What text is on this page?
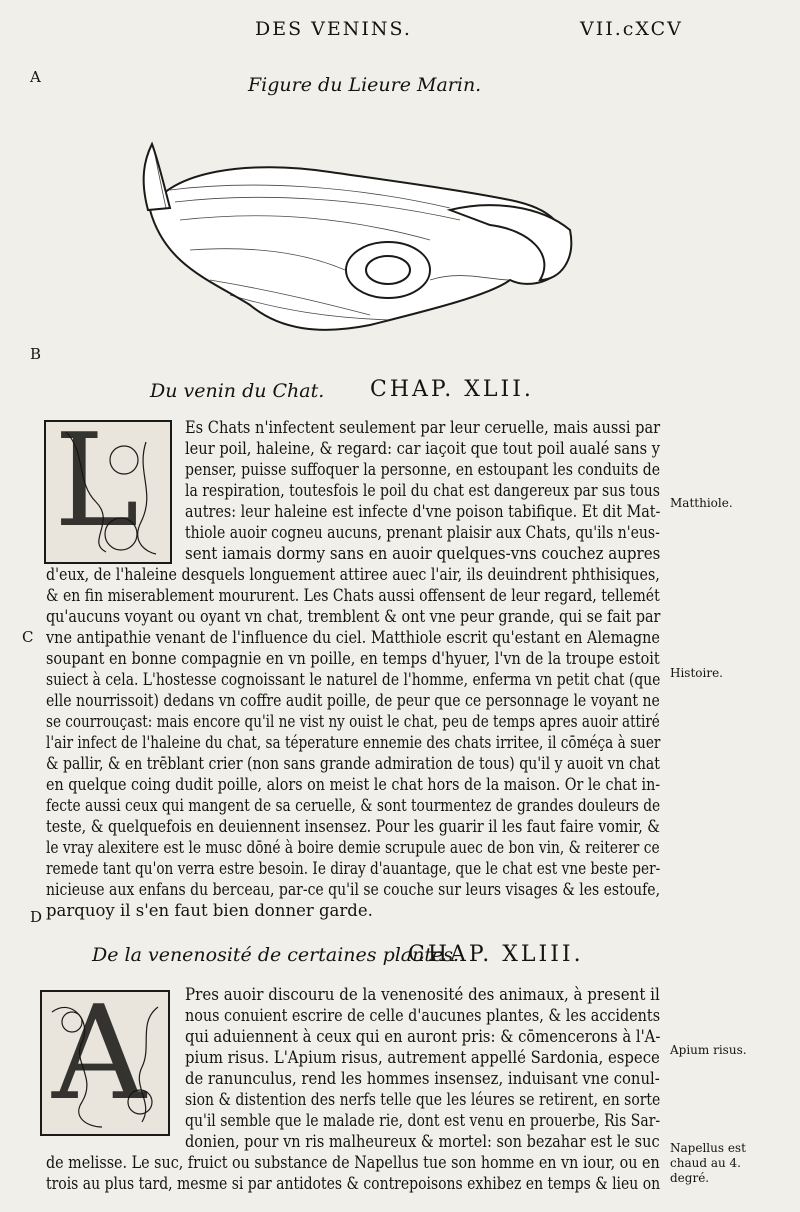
DES VENINS.	VII.cXCV
A
B
C
D
Figure du Lieure Marin.
Du venin du Chat. CHAP. XLII.
L	Es Chats n'infectent seulement par leur ceruelle, mais aussi par
leur poil, haleine, & regard: car iaçoit que tout poil aualé sans y
penser, puisse suffoquer la personne, en estoupant les conduits de
la respiration, toutesfois le poil du chat est dangereux par sus tous
autres: leur haleine est infecte d'vne poison tabifique. Et dit Mat-
thiole auoir cogneu aucuns, prenant plaisir aux Chats, qu'ils n'eus-
sent iamais dormy sans en auoir quelques-vns couchez aupres
d'eux, de l'haleine desquels longuement attiree auec l'air, ils deuindrent phthisiques,
& en fin miserablement moururent. Les Chats aussi offensent de leur regard, tellemét
qu'aucuns voyant ou oyant vn chat, tremblent & ont vne peur grande, qui se fait par
vne antipathie venant de l'influence du ciel. Matthiole escrit qu'estant en Alemagne
soupant en bonne compagnie en vn poille, en temps d'hyuer, l'vn de la troupe estoit
suiect à cela. L'hostesse cognoissant le naturel de l'homme, enferma vn petit chat (que
elle nourrissoit) dedans vn coffre audit poille, de peur que ce personnage le voyant ne
se courrouçast: mais encore qu'il ne vist ny ouist le chat, peu de temps apres auoir attiré
l'air infect de l'haleine du chat, sa téperature ennemie des chats irritee, il cōméça à suer
& pallir, & en trēblant crier (non sans grande admiration de tous) qu'il y auoit vn chat
en quelque coing dudit poille, alors on meist le chat hors de la maison. Or le chat in-
fecte aussi ceux qui mangent de sa ceruelle, & sont tourmentez de grandes douleurs de
teste, & quelquefois en deuiennent insensez. Pour les guarir il les faut faire vomir, &
le vray alexitere est le musc dōné à boire demie scrupule auec de bon vin, & reiterer ce
remede tant qu'on verra estre besoin. Ie diray d'auantage, que le chat est vne beste per-
nicieuse aux enfans du berceau, par-ce qu'il se couche sur leurs visages & les estoufe,
parquoy il s'en faut bien donner garde.
De la venenosité de certaines plantes.
CHAP. XLIII.
A Pres auoir discouru de la venenosité des animaux, à present il
nous conuient escrire de celle d'aucunes plantes, & les accidents
qui aduiennent à ceux qui en auront pris: & cōmencerons à l'A-
pium risus. L'Apium risus, autrement appellé Sardonia, espece
de ranunculus, rend les hommes insensez, induisant vne conul-
sion & distention des nerfs telle que les léures se retirent, en sorte
qu'il semble que le malade rie, dont est venu en prouerbe, Ris Sar-
donien, pour vn ris malheureux & mortel: son bezahar est le suc
de melisse. Le suc, fruict ou substance de Napellus tue son homme en vn iour, ou en
trois au plus tard, mesme si par antidotes & contrepoisons exhibez en temps & lieu on
Matthiole.
Histoire.
Apium risus.
Napellus est
chaud au 4.
degré.
